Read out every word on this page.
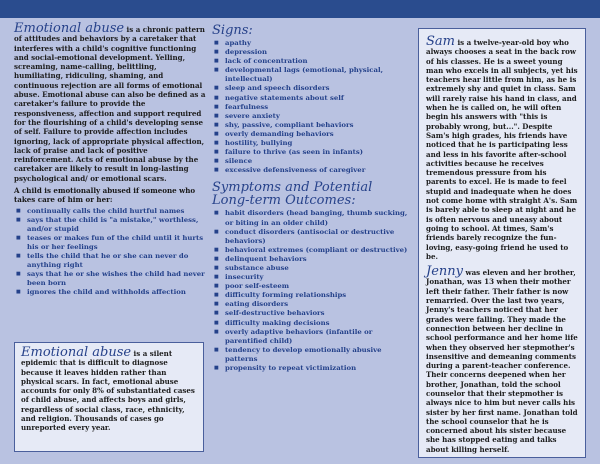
Emotional abuse is a chronic pattern of attitudes and behaviors by a caretaker that interferes with a child's cognitive functioning and social-emotional development. Yelling, screaming, name-calling, belittling, humiliating, ridiculing, shaming, and continuous rejection are all forms of emotional abuse. Emotional abuse can also be defined as a caretaker's failure to provide the responsiveness, affection and support required for the flourishing of a child's developing sense of self. Failure to provide affection includes ignoring, lack of appropriate physical affection, lack of praise and lack of positive reinforcement. Acts of emotional abuse by the caretaker are likely to result in long-lasting psychological and/ or emotional scars.

A child is emotionally abused if someone who takes care of him or her:

■ continually calls the child hurtful names
■ says that the child is "a mistake," worthless, and/or stupid
■ teases or makes fun of the child until it hurts his or her feelings
■ tells the child that he or she can never do anything right
■ says that he or she wishes the child had never been born
■ ignores the child and withholds affection

Emotional abuse is a silent epidemic that is difficult to diagnose because it leaves hidden rather than physical scars. In fact, emotional abuse accounts for only 8% of substantiated cases of child abuse, and affects boys and girls, regardless of social class, race, ethnicity, and religion. Thousands of cases go unreported every year.

Signs:
■ apathy
■ depression
■ lack of concentration
■ developmental lags (emotional, physical, intellectual)
■ sleep and speech disorders
■ negative statements about self
■ fearfulness
■ severe anxiety
■ shy, passive, compliant behaviors
■ overly demanding behaviors
■ hostility, bullying
■ failure to thrive (as seen in infants)
■ silence
■ excessive defensiveness of caregiver
Symptoms and Potential
Long-term Outcomes:
■ habit disorders (head banging, thumb sucking, or biting in an older child)
■ conduct disorders (antisocial or destructive behaviors)
■ behavioral extremes (compliant or destructive)
■ delinquent behaviors
■ substance abuse
■ insecurity
■ poor self-esteem
■ difficulty forming relationships
■ eating disorders
■ self-destructive behaviors
■ difficulty making decisions
■ overly adaptive behaviors (infantile or parentified child)
■ tendency to develop emotionally abusive patterns
■ propensity to repeat victimization

Sam is a twelve-year-old boy who always chooses a seat in the back row of his classes. He is a sweet young man who excels in all subjects, yet his teachers hear little from him, as he is extremely shy and quiet in class. Sam will rarely raise his hand in class, and when he is called on, he will often begin his answers with "this is probably wrong, but...". Despite Sam's high grades, his friends have noticed that he is participating less and less in his favorite after-school activities because he receives tremendous pressure from his parents to excel. He is made to feel stupid and inadequate when he does not come home with straight A's. Sam is barely able to sleep at night and he is often nervous and uneasy about going to school. At times, Sam's friends barely recognize the fun-loving, easy-going friend he used to be.

Jenny was eleven and her brother, Jonathan, was 13 when their mother left their father. Their father is now remarried. Over the last two years, Jenny's teachers noticed that her grades were falling. They made the connection between her decline in school performance and her home life when they observed her stepmother's insensitive and demeaning comments during a parent-teacher conference. Their concerns deepened when her brother, Jonathan, told the school counselor that their stepmother is always nice to him but never calls his sister by her first name. Jonathan told the school counselor that he is concerned about his sister because she has stopped eating and talks about killing herself.
